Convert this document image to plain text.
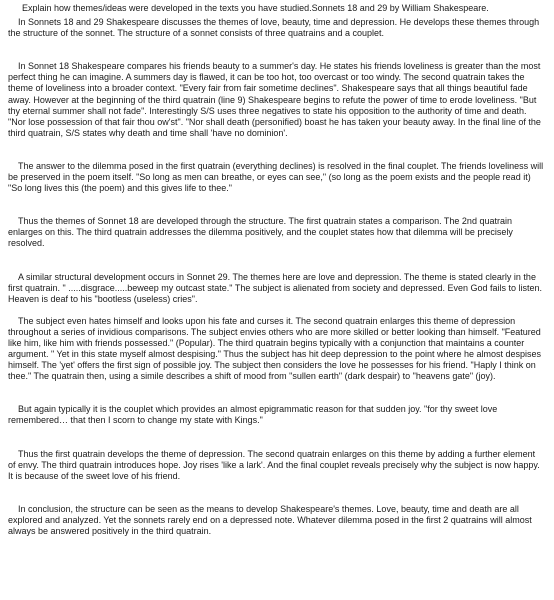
Explain how themes/ideas were developed in the texts you have studied.Sonnets 18 and 29 by William Shakespeare.

In Sonnets 18 and 29 Shakespeare discusses the themes of love, beauty, time and depression. He develops these themes through the structure of the sonnet. The structure of a sonnet consists of three quatrains and a couplet.

In Sonnet 18 Shakespeare compares his friends beauty to a summer's day. He states his friends loveliness is greater than the most perfect thing he can imagine. A summers day is flawed, it can be too hot, too overcast or too windy. The second quatrain takes the theme of loveliness into a broader context. "Every fair from fair sometime declines". Shakespeare says that all things beautiful fade away. However at the beginning of the third quatrain (line 9) Shakespeare begins to refute the power of time to erode loveliness. "But thy eternal summer shall not fade". Interestingly S/S uses three negatives to state his opposition to the authority of time and death. "Nor lose possession of that fair thou ow'st". "Nor shall death (personified) boast he has taken your beauty away. In the final line of the third quatrain, S/S states why death and time shall 'have no dominion'.

The answer to the dilemma posed in the first quatrain (everything declines) is resolved in the final couplet. The friends loveliness will be preserved in the poem itself. "So long as men can breathe, or eyes can see," (so long as the poem exists and the people read it) "So long lives this (the poem) and this gives life to thee."

Thus the themes of Sonnet 18 are developed through the structure. The first quatrain states a comparison. The 2nd quatrain enlarges on this. The third quatrain addresses the dilemma positively, and the couplet states how that dilemma will be precisely resolved.

A similar structural development occurs in Sonnet 29. The themes here are love and depression. The theme is stated clearly in the first quatrain. " .....disgrace.....beweep my outcast state." The subject is alienated from society and depressed. Even God fails to listen. Heaven is deaf to his "bootless (useless) cries".

The subject even hates himself and looks upon his fate and curses it. The second quatrain enlarges this theme of depression throughout a series of invidious comparisons. The subject envies others who are more skilled or better looking than himself. "Featured like him, like him with friends possessed." (Popular). The third quatrain begins typically with a conjunction that maintains a counter argument. " Yet in this state myself almost despising." Thus the subject has hit deep depression to the point where he almost despises himself. The 'yet' offers the first sign of possible joy. The subject then considers the love he possesses for his friend. "Haply I think on thee." The quatrain then, using a simile describes a shift of mood from "sullen earth" (dark despair) to "heavens gate" (joy).

But again typically it is the couplet which provides an almost epigrammatic reason for that sudden joy. "for thy sweet love remembered… that then I scorn to change my state with Kings."

Thus the first quatrain develops the theme of depression. The second quatrain enlarges on this theme by adding a further element of envy. The third quatrain introduces hope. Joy rises 'like a lark'. And the final couplet reveals precisely why the subject is now happy. It is because of the sweet love of his friend.

In conclusion, the structure can be seen as the means to develop Shakespeare's themes. Love, beauty, time and death are all explored and analyzed. Yet the sonnets rarely end on a depressed note. Whatever dilemma posed in the first 2 quatrains will almost always be answered positively in the third quatrain.
